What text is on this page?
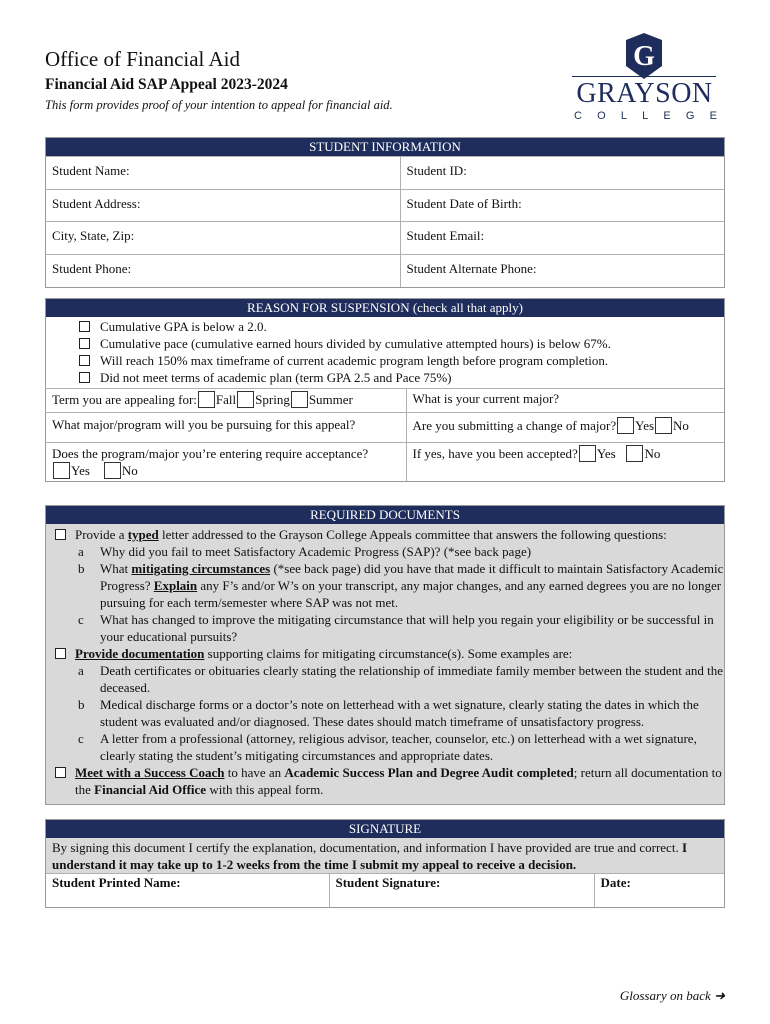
Office of Financial Aid
Financial Aid SAP Appeal 2023-2024
This form provides proof of your intention to appeal for financial aid.
G
GRAYSON
C O L L E G E
STUDENT INFORMATION
Student Name:	Student ID:
Student Address:	Student Date of Birth:
City, State, Zip:	Student Email:
Student Phone:	Student Alternate Phone:
REASON FOR SUSPENSION (check all that apply)
Cumulative GPA is below a 2.0.
Cumulative pace (cumulative earned hours divided by cumulative attempted hours) is below 67%.
Will reach 150% max timeframe of current academic program length before program completion.
Did not meet terms of academic plan (term GPA 2.5 and Pace 75%)
Term you are appealing for: Fall Spring Summer	What is your current major?
What major/program will you be pursuing for this appeal?	Are you submitting a change of major? Yes No
Does the program/major you’re entering require acceptance?
Yes No	If yes, have you been accepted? Yes No
REQUIRED DOCUMENTS
Provide a typed letter addressed to the Grayson College Appeals committee that answers the following questions:
a	Why did you fail to meet Satisfactory Academic Progress (SAP)? (*see back page)
b	What mitigating circumstances (*see back page) did you have that made it difficult to maintain Satisfactory Academic Progress? Explain any F’s and/or W’s on your transcript, any major changes, and any earned degrees you are no longer pursuing for each term/semester where SAP was not met.
c	What has changed to improve the mitigating circumstance that will help you regain your eligibility or be successful in your educational pursuits?
Provide documentation supporting claims for mitigating circumstance(s). Some examples are:
a	Death certificates or obituaries clearly stating the relationship of immediate family member between the student and the deceased.
b	Medical discharge forms or a doctor’s note on letterhead with a wet signature, clearly stating the dates in which the student was evaluated and/or diagnosed. These dates should match timeframe of unsatisfactory progress.
c	A letter from a professional (attorney, religious advisor, teacher, counselor, etc.) on letterhead with a wet signature, clearly stating the student’s mitigating circumstances and appropriate dates.
Meet with a Success Coach to have an Academic Success Plan and Degree Audit completed; return all documentation to the Financial Aid Office with this appeal form.
SIGNATURE
By signing this document I certify the explanation, documentation, and information I have provided are true and correct. I understand it may take up to 1-2 weeks from the time I submit my appeal to receive a decision.
Student Printed Name:	Student Signature:	Date:
Glossary on back ➜
